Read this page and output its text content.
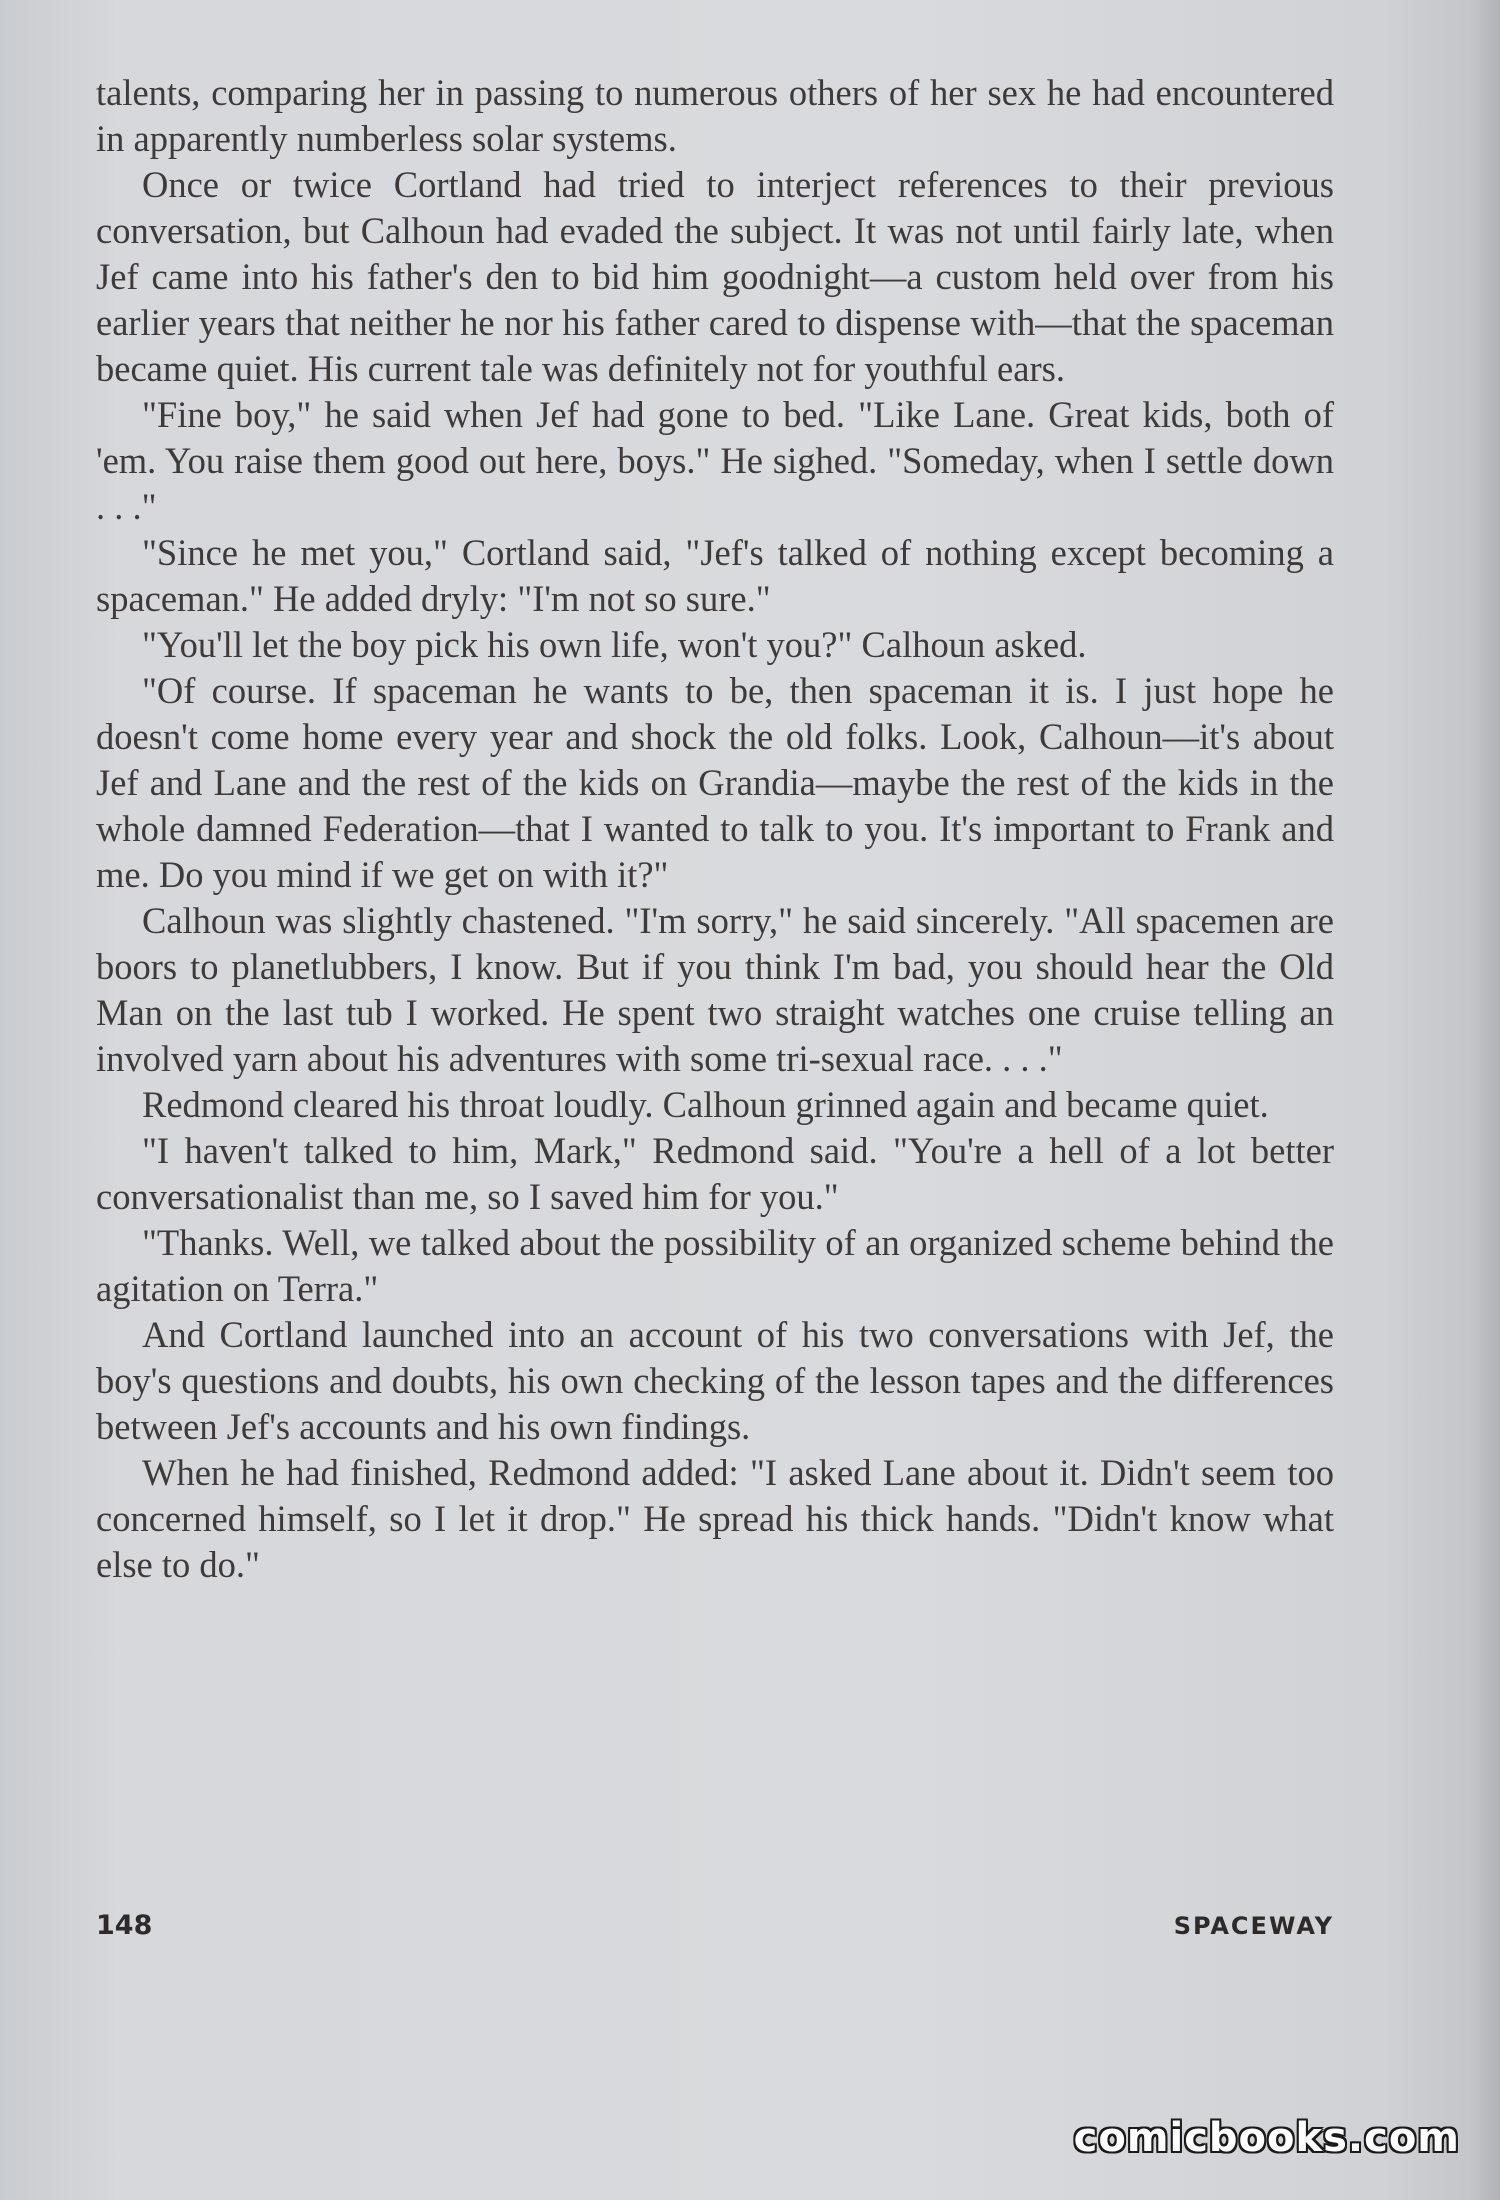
talents, comparing her in passing to numerous others of her sex he had encountered in apparently numberless solar systems.

Once or twice Cortland had tried to interject references to their previous conversation, but Calhoun had evaded the subject. It was not until fairly late, when Jef came into his father's den to bid him goodnight—a custom held over from his earlier years that neither he nor his father cared to dispense with—that the spaceman became quiet. His current tale was definitely not for youthful ears.

"Fine boy," he said when Jef had gone to bed. "Like Lane. Great kids, both of 'em. You raise them good out here, boys." He sighed. "Someday, when I settle down . . ."

"Since he met you," Cortland said, "Jef's talked of nothing except becoming a spaceman." He added dryly: "I'm not so sure."

"You'll let the boy pick his own life, won't you?" Calhoun asked.

"Of course. If spaceman he wants to be, then spaceman it is. I just hope he doesn't come home every year and shock the old folks. Look, Calhoun—it's about Jef and Lane and the rest of the kids on Grandia—maybe the rest of the kids in the whole damned Federation—that I wanted to talk to you. It's important to Frank and me. Do you mind if we get on with it?"

Calhoun was slightly chastened. "I'm sorry," he said sincerely. "All spacemen are boors to planetlubbers, I know. But if you think I'm bad, you should hear the Old Man on the last tub I worked. He spent two straight watches one cruise telling an involved yarn about his adventures with some tri-sexual race. . . ."

Redmond cleared his throat loudly. Calhoun grinned again and became quiet.

"I haven't talked to him, Mark," Redmond said. "You're a hell of a lot better conversationalist than me, so I saved him for you."

"Thanks. Well, we talked about the possibility of an organized scheme behind the agitation on Terra."

And Cortland launched into an account of his two conversations with Jef, the boy's questions and doubts, his own checking of the lesson tapes and the differences between Jef's accounts and his own findings.

When he had finished, Redmond added: "I asked Lane about it. Didn't seem too concerned himself, so I let it drop." He spread his thick hands. "Didn't know what else to do."

148	SPACEWAY
comicbooks.com
